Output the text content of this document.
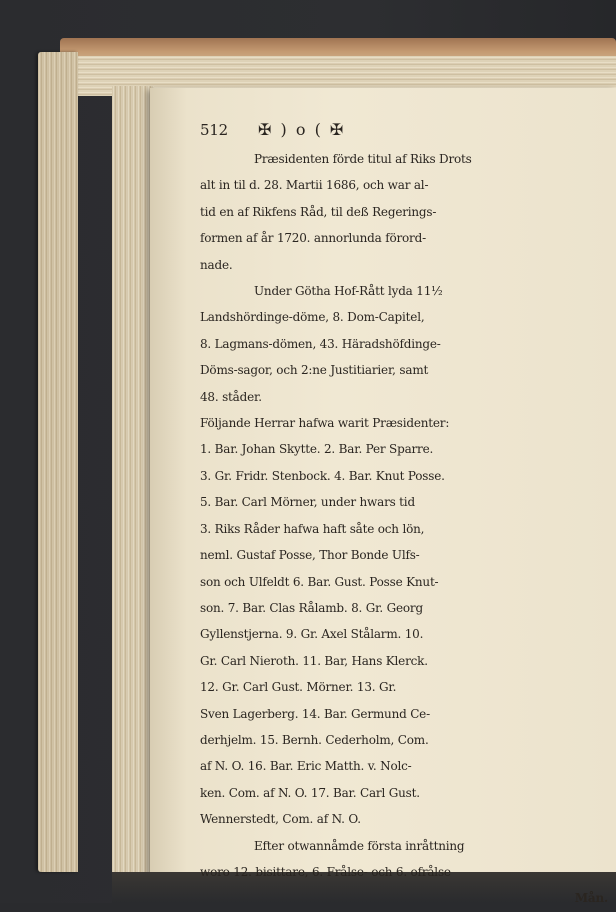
512 ✠ ) o ( ✠
Præsidenten förde titul af Riks Drots
alt in til d. 28. Martii 1686, och war al-
tid en af Rikfens Råd, til deß Regerings-
formen af år 1720. annorlunda förord-
nade.
Under Götha Hof-Rått lyda 11½
Landshördinge-döme, 8. Dom-Capitel,
8. Lagmans-dömen, 43. Häradshöfdinge-
Döms-sagor, och 2:ne Justitiarier, samt
48. ståder.
Följande Herrar hafwa warit Præsidenter:
1. Bar. Johan Skytte. 2. Bar. Per Sparre.
3. Gr. Fridr. Stenbock. 4. Bar. Knut Posse.
5. Bar. Carl Mörner, under hwars tid
3. Riks Råder hafwa haft såte och lön,
neml. Gustaf Posse, Thor Bonde Ulfs-
son och Ulfeldt 6. Bar. Gust. Posse Knut-
son. 7. Bar. Clas Rålamb. 8. Gr. Georg
Gyllenstjerna. 9. Gr. Axel Stålarm. 10.
Gr. Carl Nieroth. 11. Bar, Hans Klerck.
12. Gr. Carl Gust. Mörner. 13. Gr.
Sven Lagerberg. 14. Bar. Germund Ce-
derhjelm. 15. Bernh. Cederholm, Com.
af N. O. 16. Bar. Eric Matth. v. Nolc-
ken. Com. af N. O. 17. Bar. Carl Gust.
Wennerstedt, Com. af N. O.
Efter otwannåmde första inråttning
woro 12. bisittare, 6. Frålse- och 6. ofrålse
Mån.
